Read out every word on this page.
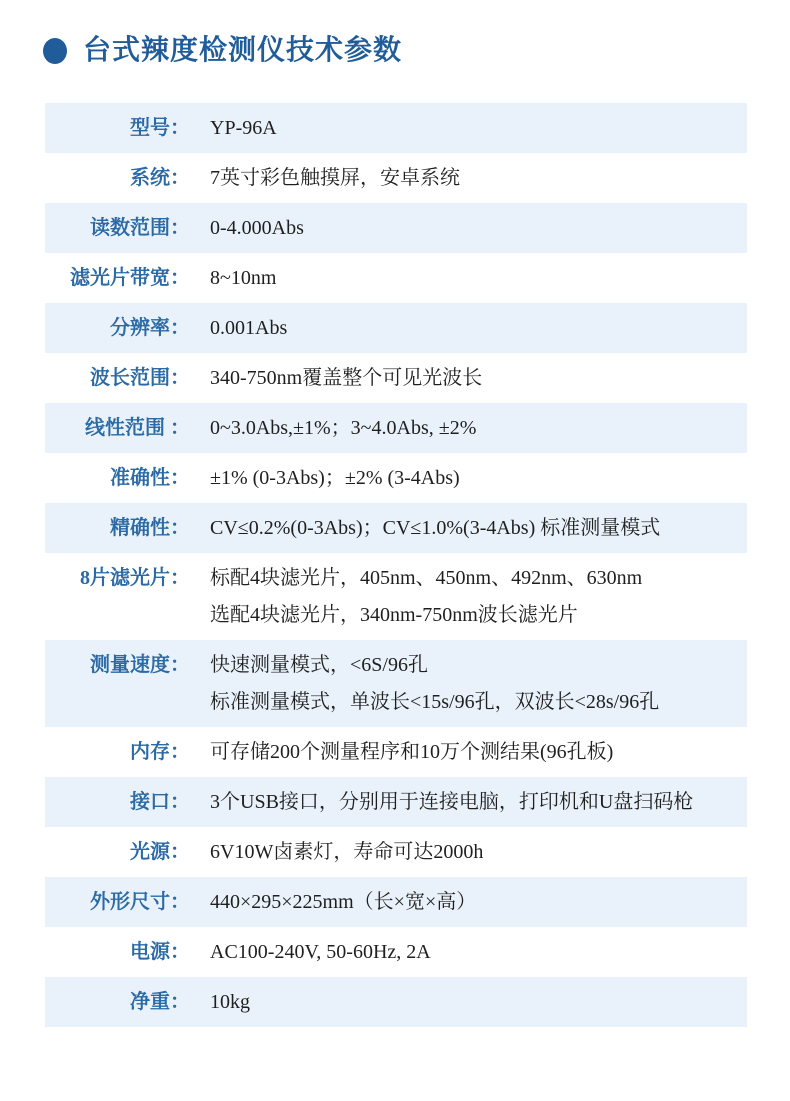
台式辣度检测仪技术参数
型号： YP-96A
系统： 7英寸彩色触摸屏，安卓系统
读数范围： 0-4.000Abs
滤光片带宽： 8~10nm
分辨率： 0.001Abs
波长范围： 340-750nm覆盖整个可见光波长
线性范围 ： 0~3.0Abs,±1%；3~4.0Abs, ±2%
准确性： ±1% (0-3Abs)；±2% (3-4Abs)
精确性： CV≤0.2%(0-3Abs)；CV≤1.0%(3-4Abs) 标准测量模式
8片滤光片： 标配4块滤光片，405nm、450nm、492nm、630nm
选配4块滤光片，340nm-750nm波长滤光片
测量速度： 快速测量模式，<6S/96孔
标准测量模式，单波长<15s/96孔，双波长<28s/96孔
内存： 可存储200个测量程序和10万个测结果(96孔板)
接口： 3个USB接口，分别用于连接电脑，打印机和U盘扫码枪
光源： 6V10W卤素灯，寿命可达2000h
外形尺寸： 440×295×225mm（长×宽×高）
电源： AC100-240V, 50-60Hz, 2A
净重： 10kg
